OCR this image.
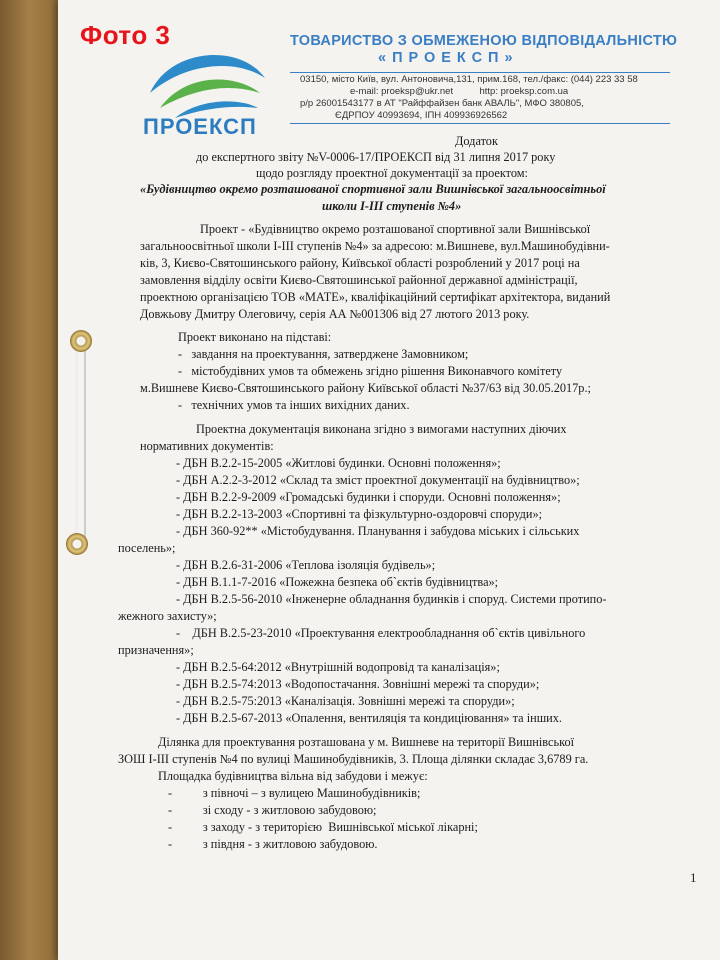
Фото 3
ПРОЕКСП
ТОВАРИСТВО З ОБМЕЖЕНОЮ ВІДПОВІДАЛЬНІСТЮ
«ПРОЕКСП»
03150, місто Київ, вул. Антоновича,131, прим.168, тел./факс: (044) 223 33 58
e-mail: proeksp@ukr.net          http: proeksp.com.ua
р/р 26001543177 в АТ "Райффайзен банк АВАЛЬ", МФО 380805,
ЄДРПОУ 40993694, ІПН 409936926562
Додаток
до експертного звіту №V-0006-17/ПРОЕКСП від 31 липня 2017 року
щодо розгляду проектної документації за проектом:
«Будівництво окремо розташованої спортивної зали Вишнівської загальноосвітньої
школи І-ІІІ ступенів №4»
Проект - «Будівництво окремо розташованої спортивної зали Вишнівської
загальноосвітньої школи І-ІІІ ступенів №4» за адресою: м.Вишневе, вул.Машинобудівни-
ків, 3, Києво-Святошинського району, Київської області розроблений у 2017 році на
замовлення відділу освіти Києво-Святошинської районної державної адміністрації,
проектною організацією ТОВ «МАТЕ», кваліфікаційний сертифікат архітектора, виданий
Довжьову Дмитру Олеговичу, серія АА №001306 від 27 лютого 2013 року.
Проект виконано на підставі:
-   завдання на проектування, затверджене Замовником;
-   містобудівних умов та обмежень згідно рішення Виконавчого комітету
м.Вишневе Києво-Святошинського району Київської області №37/63 від 30.05.2017р.;
-   технічних умов та інших вихідних даних.
Проектна документація виконана згідно з вимогами наступних діючих
нормативних документів:
- ДБН В.2.2-15-2005 «Житлові будинки. Основні положення»;
- ДБН А.2.2-3-2012 «Склад та зміст проектної документації на будівництво»;
- ДБН В.2.2-9-2009 «Громадські будинки і споруди. Основні положення»;
- ДБН В.2.2-13-2003 «Спортивні та фізкультурно-оздоровчі споруди»;
- ДБН 360-92** «Містобудування. Планування і забудова міських і сільських
поселень»;
- ДБН В.2.6-31-2006 «Теплова ізоляція будівель»;
- ДБН В.1.1-7-2016 «Пожежна безпека об`єктів будівництва»;
- ДБН В.2.5-56-2010 «Інженерне обладнання будинків і споруд. Системи протипо-
жежного захисту»;
-    ДБН В.2.5-23-2010 «Проектування електрообладнання об`єктів цивільного
призначення»;
- ДБН В.2.5-64:2012 «Внутрішній водопровід та каналізація»;
- ДБН В.2.5-74:2013 «Водопостачання. Зовнішні мережі та споруди»;
- ДБН В.2.5-75:2013 «Каналізація. Зовнішні мережі та споруди»;
- ДБН В.2.5-67-2013 «Опалення, вентиляція та кондиціювання» та інших.
Ділянка для проектування розташована у м. Вишневе на території Вишнівської
ЗОШ І-ІІІ ступенів №4 по вулиці Машинобудівників, 3. Площа ділянки складає 3,6789 га.
Площадка будівництва вільна від забудови і межує:
-          з півночі – з вулицею Машинобудівників;
-          зі сходу - з житловою забудовою;
-          з заходу - з територією  Вишнівської міської лікарні;
-          з півдня - з житловою забудовою.
1
